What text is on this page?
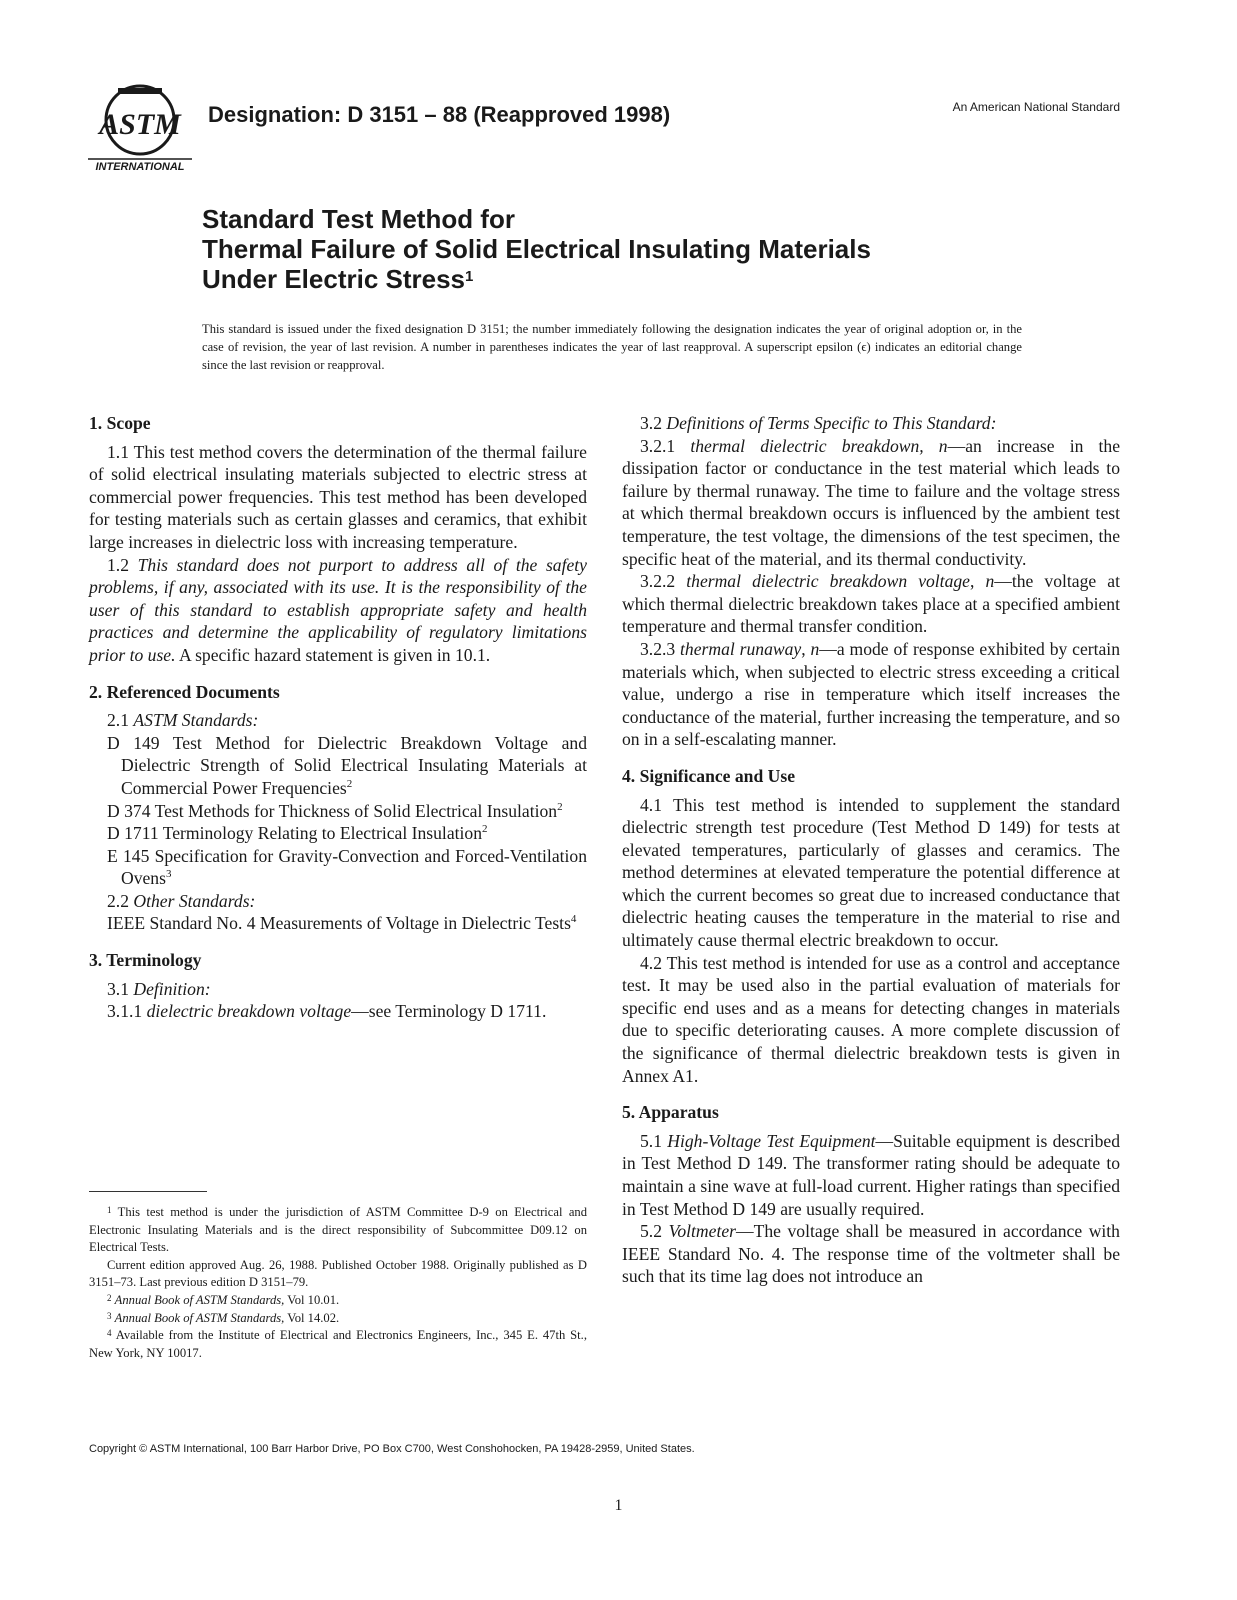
ASTM
INTERNATIONAL
Designation: D 3151 – 88 (Reapproved 1998)	An American National Standard
Standard Test Method for
Thermal Failure of Solid Electrical Insulating Materials
Under Electric Stress$^1$
This standard is issued under the fixed designation D 3151; the number immediately following the designation indicates the year of original adoption or, in the case of revision, the year of last revision. A number in parentheses indicates the year of last reapproval. A superscript epsilon (ϵ) indicates an editorial change since the last revision or reapproval.
1. Scope

1.1 This test method covers the determination of the thermal failure of solid electrical insulating materials subjected to electric stress at commercial power frequencies. This test method has been developed for testing materials such as certain glasses and ceramics, that exhibit large increases in dielectric loss with increasing temperature.

1.2 This standard does not purport to address all of the safety problems, if any, associated with its use. It is the responsibility of the user of this standard to establish appropriate safety and health practices and determine the applicability of regulatory limitations prior to use. A specific hazard statement is given in 10.1.

2. Referenced Documents

2.1 ASTM Standards:

D 149 Test Method for Dielectric Breakdown Voltage and Dielectric Strength of Solid Electrical Insulating Materials at Commercial Power Frequencies$^2$

D 374 Test Methods for Thickness of Solid Electrical Insulation$^2$

D 1711 Terminology Relating to Electrical Insulation$^2$

E 145 Specification for Gravity-Convection and Forced-Ventilation Ovens$^3$

2.2 Other Standards:

IEEE Standard No. 4 Measurements of Voltage in Dielectric Tests$^4$

3. Terminology

3.1 Definition:

3.1.1 dielectric breakdown voltage—see Terminology D 1711.

3.2 Definitions of Terms Specific to This Standard:

3.2.1 thermal dielectric breakdown, n—an increase in the dissipation factor or conductance in the test material which leads to failure by thermal runaway. The time to failure and the voltage stress at which thermal breakdown occurs is influenced by the ambient test temperature, the test voltage, the dimensions of the test specimen, the specific heat of the material, and its thermal conductivity.

3.2.2 thermal dielectric breakdown voltage, n—the voltage at which thermal dielectric breakdown takes place at a specified ambient temperature and thermal transfer condition.

3.2.3 thermal runaway, n—a mode of response exhibited by certain materials which, when subjected to electric stress exceeding a critical value, undergo a rise in temperature which itself increases the conductance of the material, further increasing the temperature, and so on in a self-escalating manner.

4. Significance and Use

4.1 This test method is intended to supplement the standard dielectric strength test procedure (Test Method D 149) for tests at elevated temperatures, particularly of glasses and ceramics. The method determines at elevated temperature the potential difference at which the current becomes so great due to increased conductance that dielectric heating causes the temperature in the material to rise and ultimately cause thermal electric breakdown to occur.

4.2 This test method is intended for use as a control and acceptance test. It may be used also in the partial evaluation of materials for specific end uses and as a means for detecting changes in materials due to specific deteriorating causes. A more complete discussion of the significance of thermal dielectric breakdown tests is given in Annex A1.

5. Apparatus

5.1 High-Voltage Test Equipment—Suitable equipment is described in Test Method D 149. The transformer rating should be adequate to maintain a sine wave at full-load current. Higher ratings than specified in Test Method D 149 are usually required.

5.2 Voltmeter—The voltage shall be measured in accordance with IEEE Standard No. 4. The response time of the voltmeter shall be such that its time lag does not introduce an

$^1$ This test method is under the jurisdiction of ASTM Committee D-9 on Electrical and Electronic Insulating Materials and is the direct responsibility of Subcommittee D09.12 on Electrical Tests.

Current edition approved Aug. 26, 1988. Published October 1988. Originally published as D 3151–73. Last previous edition D 3151–79.

$^2$ Annual Book of ASTM Standards, Vol 10.01.

$^3$ Annual Book of ASTM Standards, Vol 14.02.

$^4$ Available from the Institute of Electrical and Electronics Engineers, Inc., 345 E. 47th St., New York, NY 10017.

Copyright © ASTM International, 100 Barr Harbor Drive, PO Box C700, West Conshohocken, PA 19428-2959, United States.
1
